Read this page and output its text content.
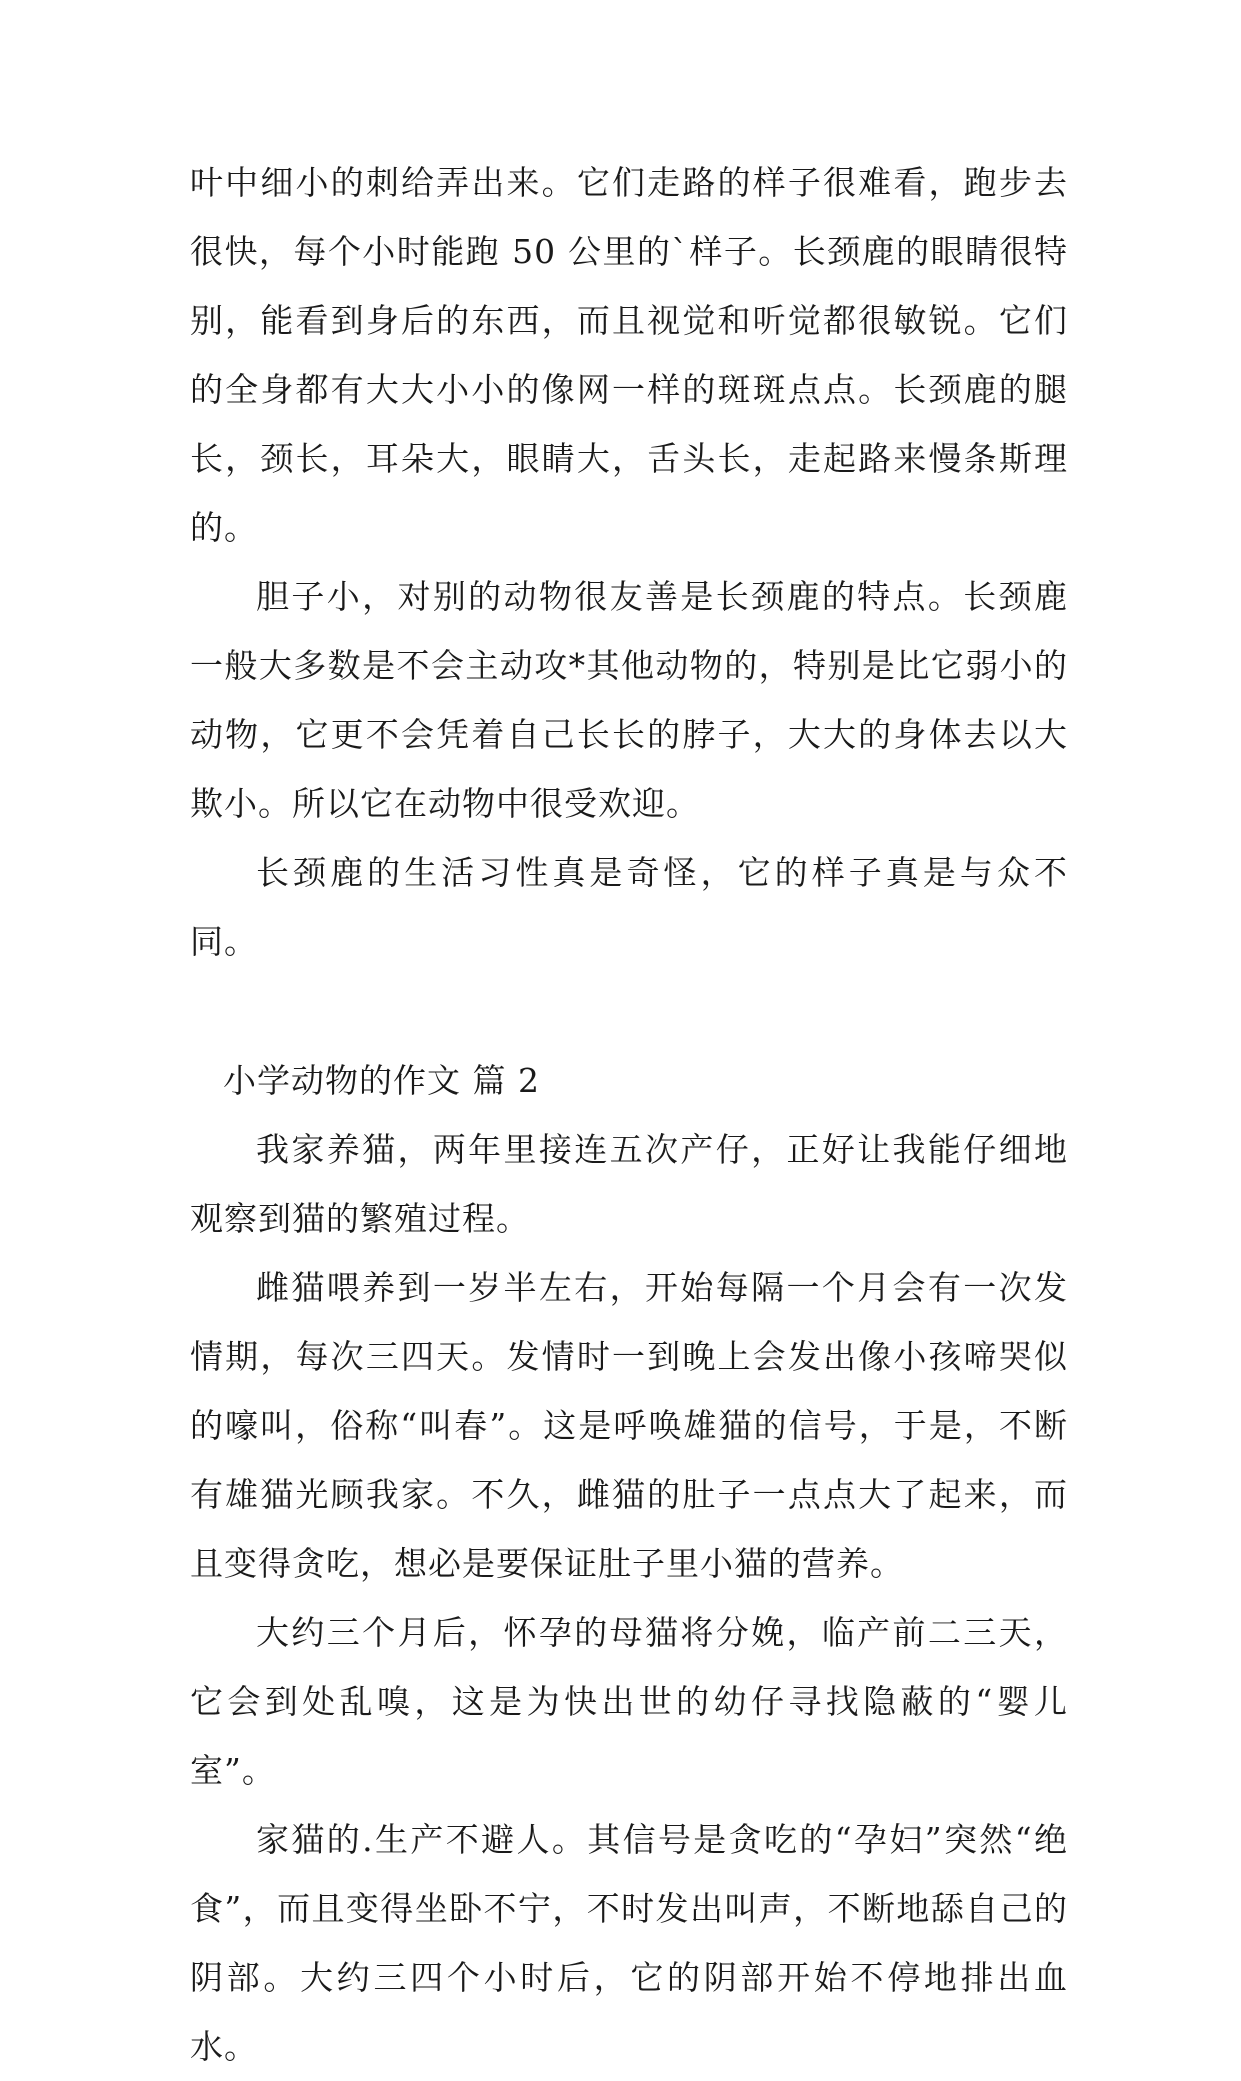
叶中细小的刺给弄出来。它们走路的样子很难看，跑步去很快，每个小时能跑 50 公里的`样子。长颈鹿的眼睛很特别，能看到身后的东西，而且视觉和听觉都很敏锐。它们的全身都有大大小小的像网一样的斑斑点点。长颈鹿的腿长，颈长，耳朵大，眼睛大，舌头长，走起路来慢条斯理的。

胆子小，对别的动物很友善是长颈鹿的特点。长颈鹿一般大多数是不会主动攻*其他动物的，特别是比它弱小的动物，它更不会凭着自己长长的脖子，大大的身体去以大欺小。所以它在动物中很受欢迎。

长颈鹿的生活习性真是奇怪，它的样子真是与众不同。

小学动物的作文 篇 2

我家养猫，两年里接连五次产仔，正好让我能仔细地观察到猫的繁殖过程。

雌猫喂养到一岁半左右，开始每隔一个月会有一次发情期，每次三四天。发情时一到晚上会发出像小孩啼哭似的嚎叫，俗称“叫春”。这是呼唤雄猫的信号，于是，不断有雄猫光顾我家。不久，雌猫的肚子一点点大了起来，而且变得贪吃，想必是要保证肚子里小猫的营养。

大约三个月后，怀孕的母猫将分娩，临产前二三天，它会到处乱嗅，这是为快出世的幼仔寻找隐蔽的“婴儿室”。

家猫的.生产不避人。其信号是贪吃的“孕妇”突然“绝食”，而且变得坐卧不宁，不时发出叫声，不断地舔自己的阴部。大约三四个小时后，它的阴部开始不停地排出血水。
